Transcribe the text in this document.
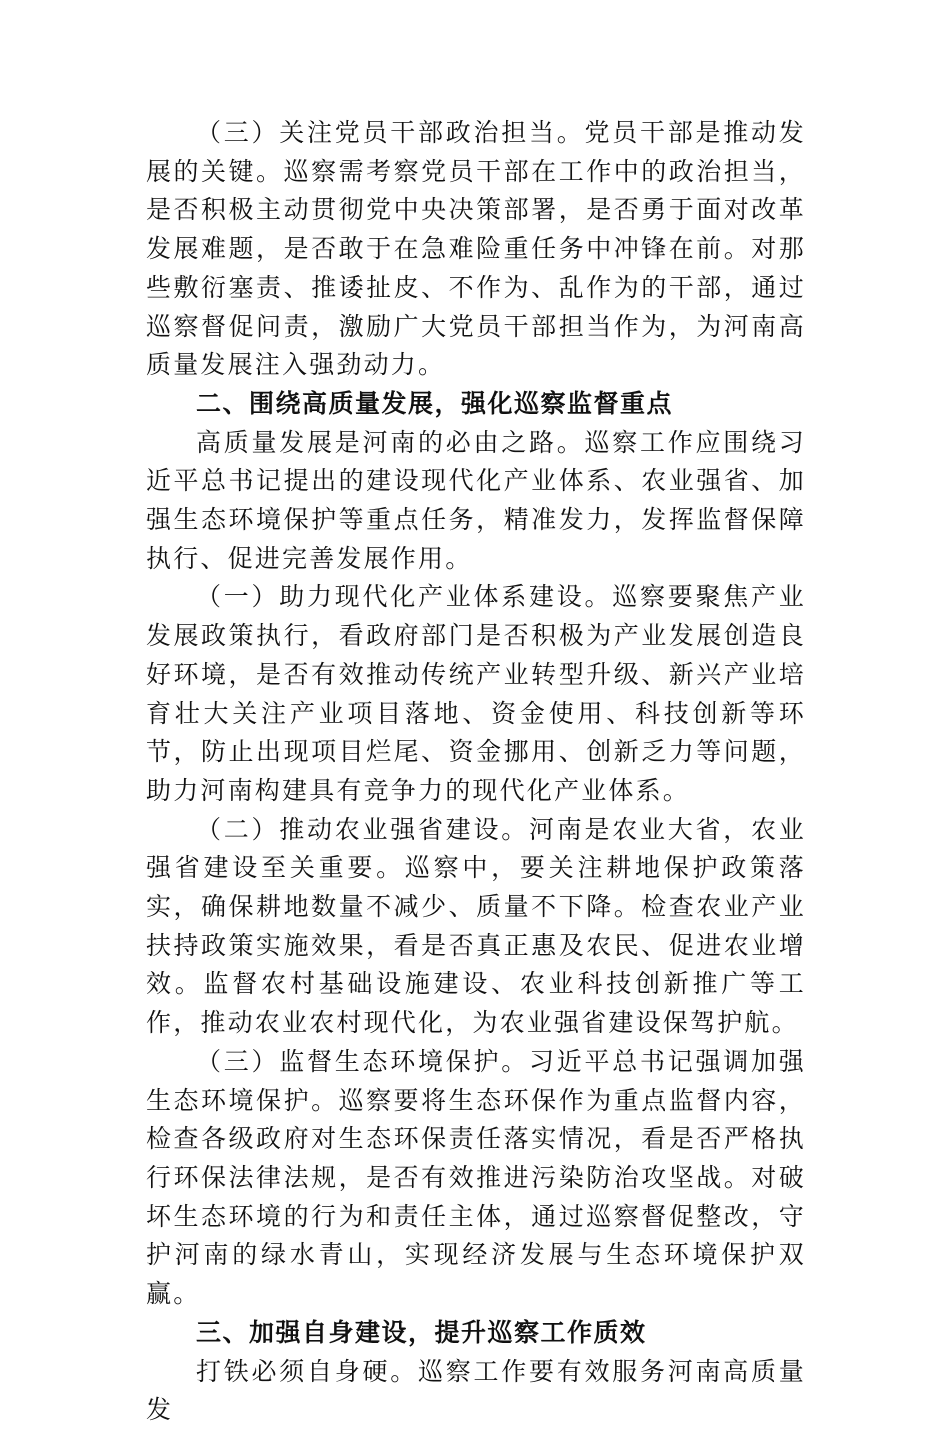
（三）关注党员干部政治担当。党员干部是推动发展的关键。巡察需考察党员干部在工作中的政治担当，是否积极主动贯彻党中央决策部署，是否勇于面对改革发展难题，是否敢于在急难险重任务中冲锋在前。对那些敷衍塞责、推诿扯皮、不作为、乱作为的干部，通过巡察督促问责，激励广大党员干部担当作为，为河南高质量发展注入强劲动力。

二、围绕高质量发展，强化巡察监督重点

高质量发展是河南的必由之路。巡察工作应围绕习近平总书记提出的建设现代化产业体系、农业强省、加强生态环境保护等重点任务，精准发力，发挥监督保障执行、促进完善发展作用。

（一）助力现代化产业体系建设。巡察要聚焦产业发展政策执行，看政府部门是否积极为产业发展创造良好环境，是否有效推动传统产业转型升级、新兴产业培育壮大关注产业项目落地、资金使用、科技创新等环节，防止出现项目烂尾、资金挪用、创新乏力等问题，助力河南构建具有竞争力的现代化产业体系。

（二）推动农业强省建设。河南是农业大省，农业强省建设至关重要。巡察中，要关注耕地保护政策落实，确保耕地数量不减少、质量不下降。检查农业产业扶持政策实施效果，看是否真正惠及农民、促进农业增效。监督农村基础设施建设、农业科技创新推广等工作，推动农业农村现代化，为农业强省建设保驾护航。

（三）监督生态环境保护。习近平总书记强调加强生态环境保护。巡察要将生态环保作为重点监督内容，检查各级政府对生态环保责任落实情况，看是否严格执行环保法律法规，是否有效推进污染防治攻坚战。对破坏生态环境的行为和责任主体，通过巡察督促整改，守护河南的绿水青山，实现经济发展与生态环境保护双赢。

三、加强自身建设，提升巡察工作质效

打铁必须自身硬。巡察工作要有效服务河南高质量发
